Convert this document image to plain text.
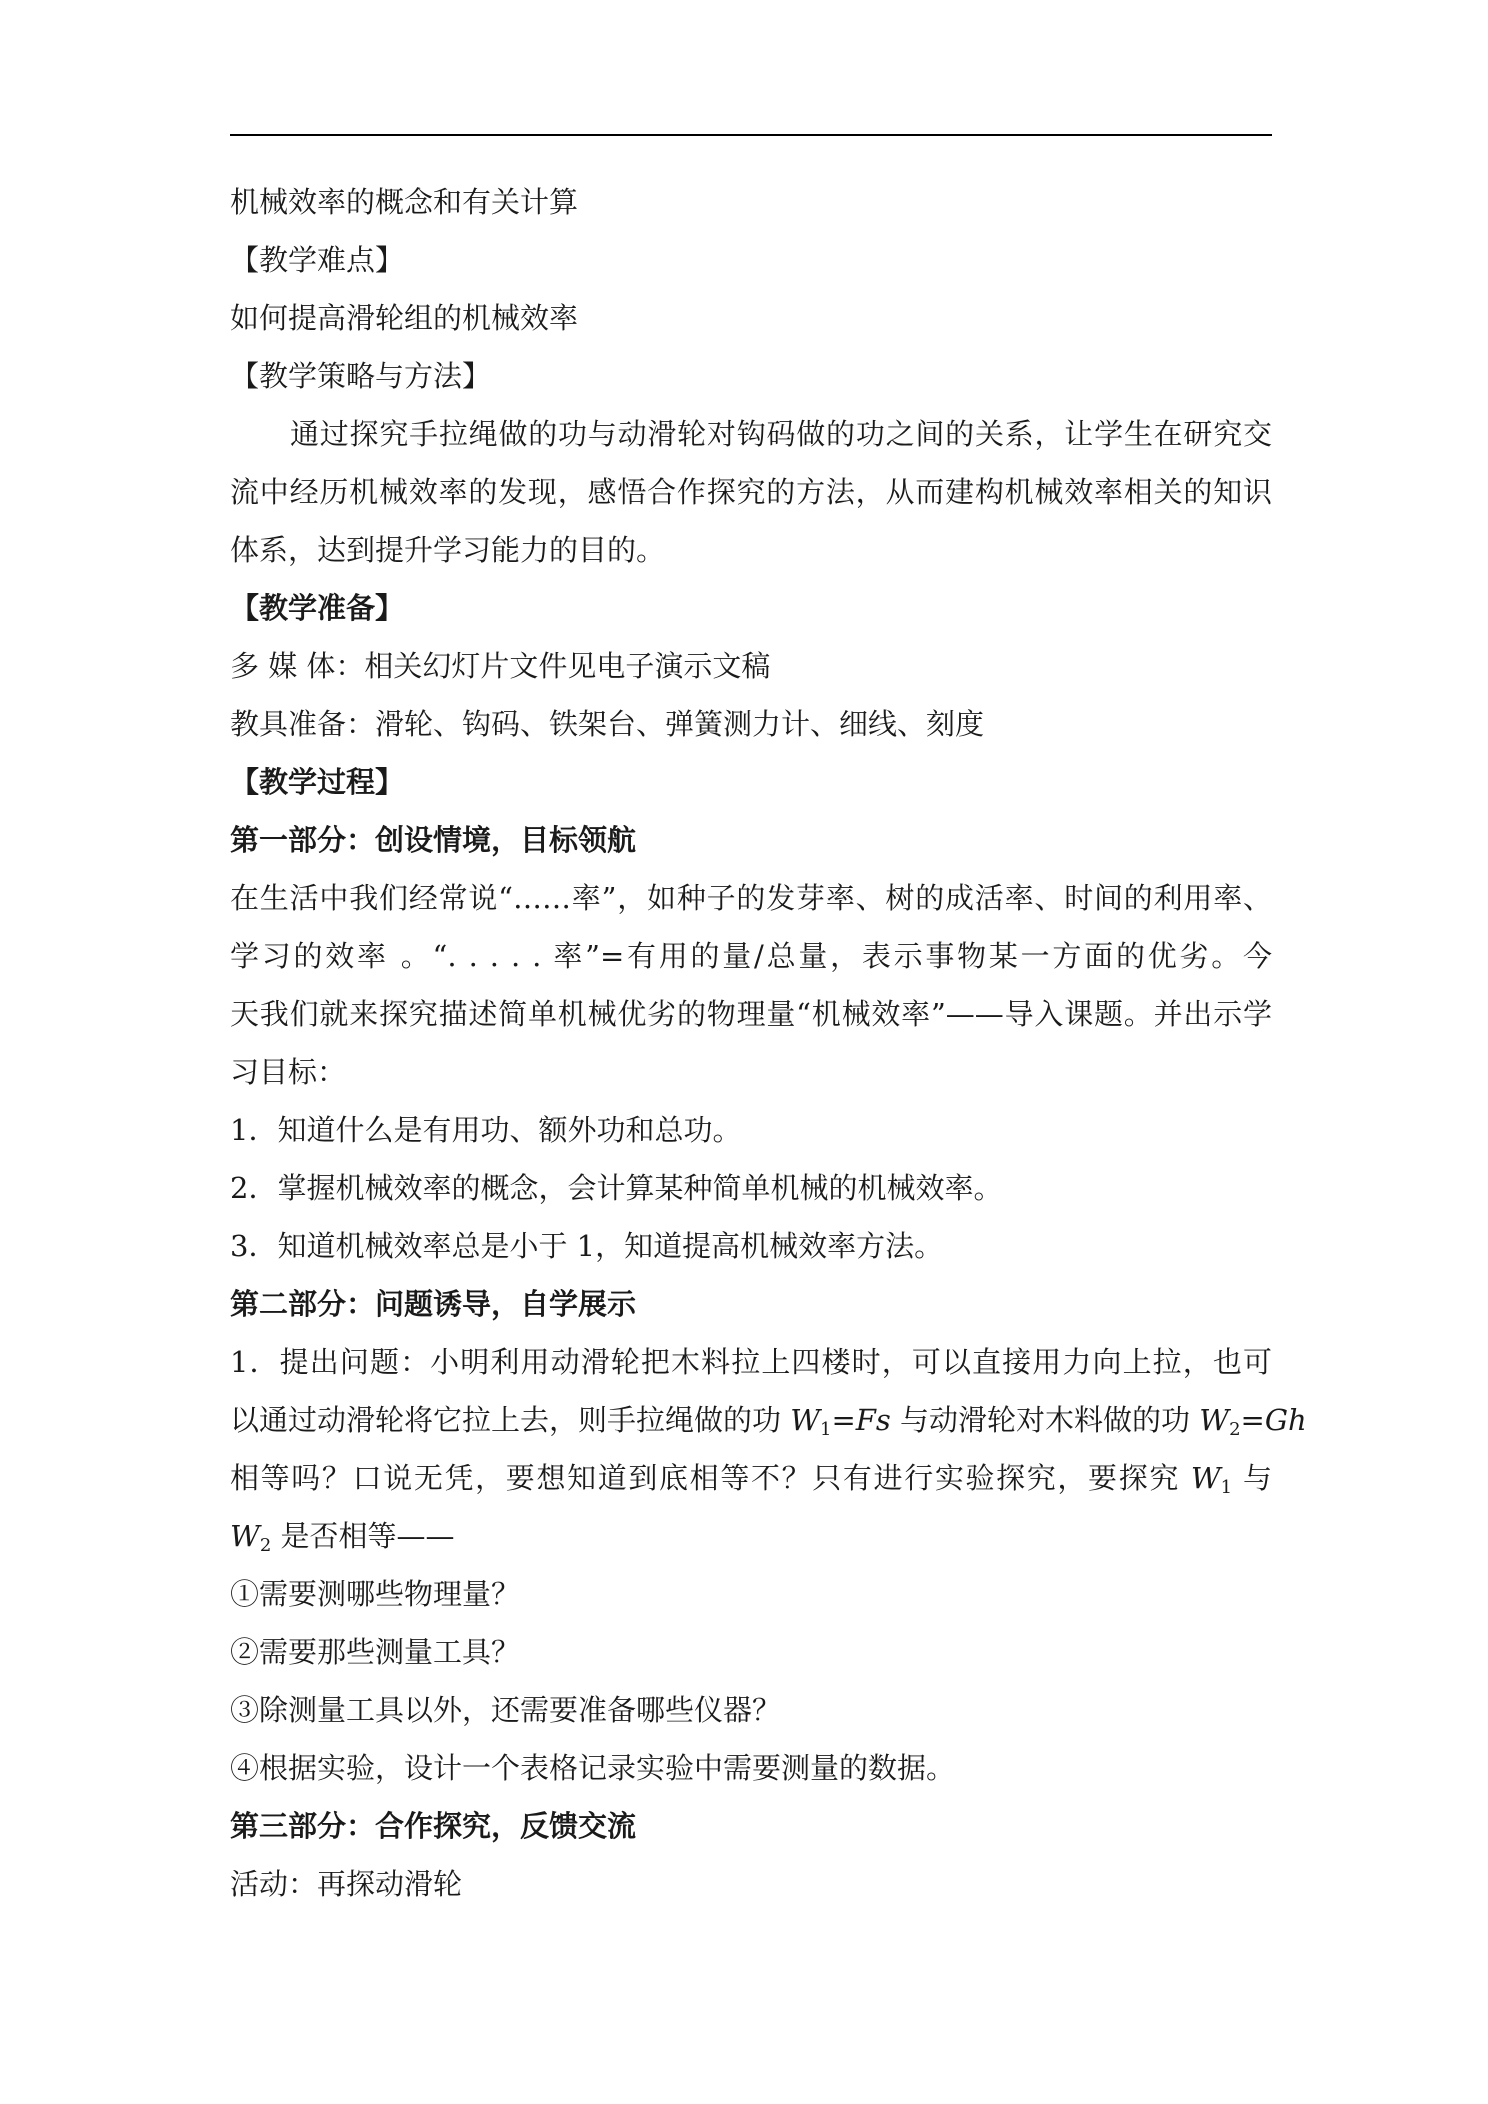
机械效率的概念和有关计算

【教学难点】

如何提高滑轮组的机械效率

【教学策略与方法】

通过探究手拉绳做的功与动滑轮对钩码做的功之间的关系，让学生在研究交

流中经历机械效率的发现，感悟合作探究的方法，从而建构机械效率相关的知识

体系，达到提升学习能力的目的。

【教学准备】

多 媒 体：相关幻灯片文件见电子演示文稿

教具准备：滑轮、钩码、铁架台、弹簧测力计、细线、刻度

【教学过程】

第一部分：创设情境，目标领航

在生活中我们经常说“……率”，如种子的发芽率、树的成活率、时间的利用率、

学习的效率 。“. . . . . 率”=有用的量/总量，表示事物某一方面的优劣。今

天我们就来探究描述简单机械优劣的物理量“机械效率”——导入课题。并出示学

习目标：

1．知道什么是有用功、额外功和总功。

2．掌握机械效率的概念，会计算某种简单机械的机械效率。

3．知道机械效率总是小于 1，知道提高机械效率方法。

第二部分：问题诱导，自学展示

1．提出问题：小明利用动滑轮把木料拉上四楼时，可以直接用力向上拉，也可

以通过动滑轮将它拉上去，则手拉绳做的功 $W_1=Fs$ 与动滑轮对木料做的功 $W_2=Gh$

相等吗？口说无凭，要想知道到底相等不？只有进行实验探究，要探究 $W_1$ 与

$W_2$ 是否相等——

①需要测哪些物理量？

②需要那些测量工具？

③除测量工具以外，还需要准备哪些仪器？

④根据实验，设计一个表格记录实验中需要测量的数据。

第三部分：合作探究，反馈交流

活动：再探动滑轮
